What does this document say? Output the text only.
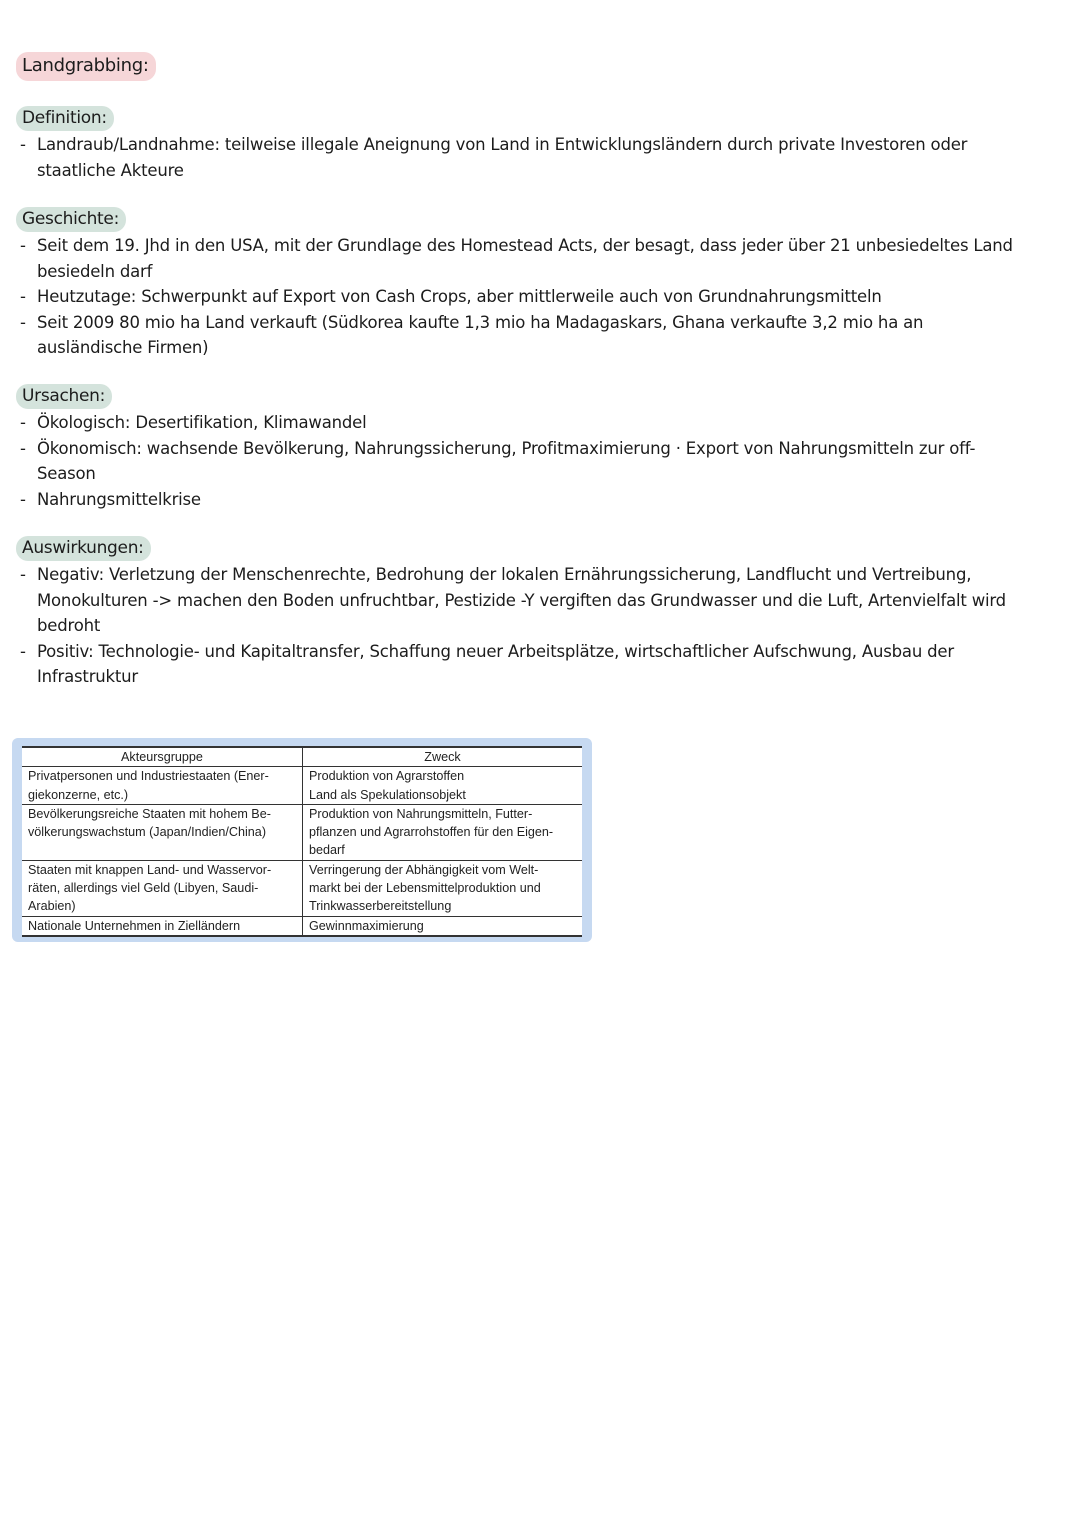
Landgrabbing:
Definition:
- Landraub/Landnahme: teilweise illegale Aneignung von Land in Entwicklungsländern durch private Investoren oder staatliche Akteure
Geschichte:
- Seit dem 19. Jhd in den USA, mit der Grundlage des Homestead Acts, der besagt, dass jeder über 21 unbesiedeltes Land besiedeln darf
- Heutzutage: Schwerpunkt auf Export von Cash Crops, aber mittlerweile auch von Grundnahrungsmitteln
- Seit 2009 80 mio ha Land verkauft (Südkorea kaufte 1,3 mio ha Madagaskars, Ghana verkaufte 3,2 mio ha an ausländische Firmen)
Ursachen:
- Ökologisch: Desertifikation, Klimawandel
- Ökonomisch: wachsende Bevölkerung, Nahrungssicherung, Profitmaximierung · Export von Nahrungsmitteln zur off-Season
- Nahrungsmittelkrise
Auswirkungen:
- Negativ: Verletzung der Menschenrechte, Bedrohung der lokalen Ernährungssicherung, Landflucht und Vertreibung, Monokulturen -> machen den Boden unfruchtbar, Pestizide -Y vergiften das Grundwasser und die Luft, Artenvielfalt wird bedroht
- Positiv: Technologie- und Kapitaltransfer, Schaffung neuer Arbeitsplätze, wirtschaftlicher Aufschwung, Ausbau der Infrastruktur
Akteursgruppe	Zweck

Privatpersonen und Industriestaaten (Ener-
giekonzerne, etc.)	Produktion von Agrarstoffen
Land als Spekulationsobjekt

Bevölkerungsreiche Staaten mit hohem Be-
völkerungswachstum (Japan/Indien/China)	Produktion von Nahrungsmitteln, Futter-
pflanzen und Agrarrohstoffen für den Eigen-
bedarf

Staaten mit knappen Land- und Wasservor-
räten, allerdings viel Geld (Libyen, Saudi-
Arabien)	Verringerung der Abhängigkeit vom Welt-
markt bei der Lebensmittelproduktion und
Trinkwasserbereitstellung

Nationale Unternehmen in Zielländern	Gewinnmaximierung
